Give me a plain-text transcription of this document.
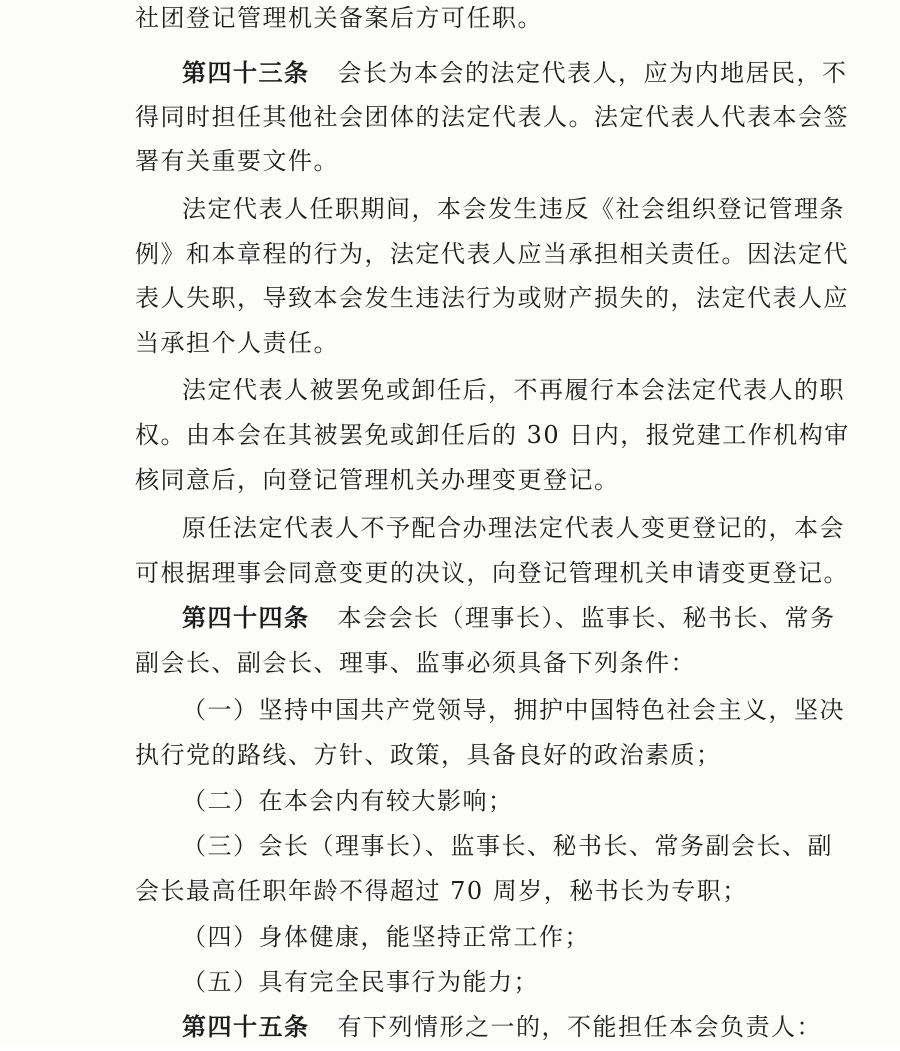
社团登记管理机关备案后方可任职。
第四十三条 会长为本会的法定代表人，应为内地居民，不
得同时担任其他社会团体的法定代表人。法定代表人代表本会签
署有关重要文件。
法定代表人任职期间，本会发生违反《社会组织登记管理条
例》和本章程的行为，法定代表人应当承担相关责任。因法定代
表人失职，导致本会发生违法行为或财产损失的，法定代表人应
当承担个人责任。
法定代表人被罢免或卸任后，不再履行本会法定代表人的职
权。由本会在其被罢免或卸任后的 30 日内，报党建工作机构审
核同意后，向登记管理机关办理变更登记。
原任法定代表人不予配合办理法定代表人变更登记的，本会
可根据理事会同意变更的决议，向登记管理机关申请变更登记。
第四十四条 本会会长（理事长）、监事长、秘书长、常务
副会长、副会长、理事、监事必须具备下列条件：
（一）坚持中国共产党领导，拥护中国特色社会主义，坚决
执行党的路线、方针、政策，具备良好的政治素质；
（二）在本会内有较大影响；
（三）会长（理事长）、监事长、秘书长、常务副会长、副
会长最高任职年龄不得超过 70 周岁，秘书长为专职；
（四）身体健康，能坚持正常工作；
（五）具有完全民事行为能力；
第四十五条 有下列情形之一的，不能担任本会负责人：
